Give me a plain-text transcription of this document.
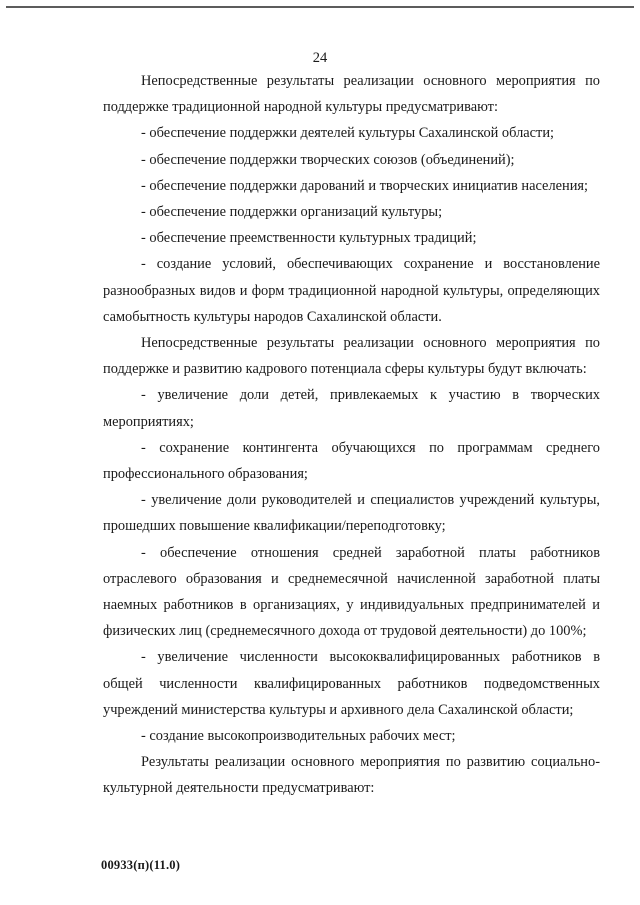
24

Непосредственные результаты реализации основного мероприятия по поддержке традиционной народной культуры предусматривают:

- обеспечение поддержки деятелей культуры Сахалинской области;

- обеспечение поддержки творческих союзов (объединений);

- обеспечение поддержки дарований и творческих инициатив населения;

- обеспечение поддержки организаций культуры;

- обеспечение преемственности культурных традиций;

- создание условий, обеспечивающих сохранение и восстановление разнообразных видов и форм традиционной народной культуры, определяющих самобытность культуры народов Сахалинской области.

Непосредственные результаты реализации основного мероприятия по поддержке и развитию кадрового потенциала сферы культуры будут включать:

- увеличение доли детей, привлекаемых к участию в творческих мероприятиях;

- сохранение контингента обучающихся по программам среднего профессионального образования;

- увеличение доли руководителей и специалистов учреждений культуры, прошедших повышение квалификации/переподготовку;

- обеспечение отношения средней заработной платы работников отраслевого образования и среднемесячной начисленной заработной платы наемных работников в организациях, у индивидуальных предпринимателей и физических лиц (среднемесячного дохода от трудовой деятельности) до 100%;

- увеличение численности высококвалифицированных работников в общей численности квалифицированных работников подведомственных учреждений министерства культуры и архивного дела Сахалинской области;

- создание высокопроизводительных рабочих мест;

Результаты реализации основного мероприятия по развитию социально-культурной деятельности предусматривают:

00933(п)(11.0)
